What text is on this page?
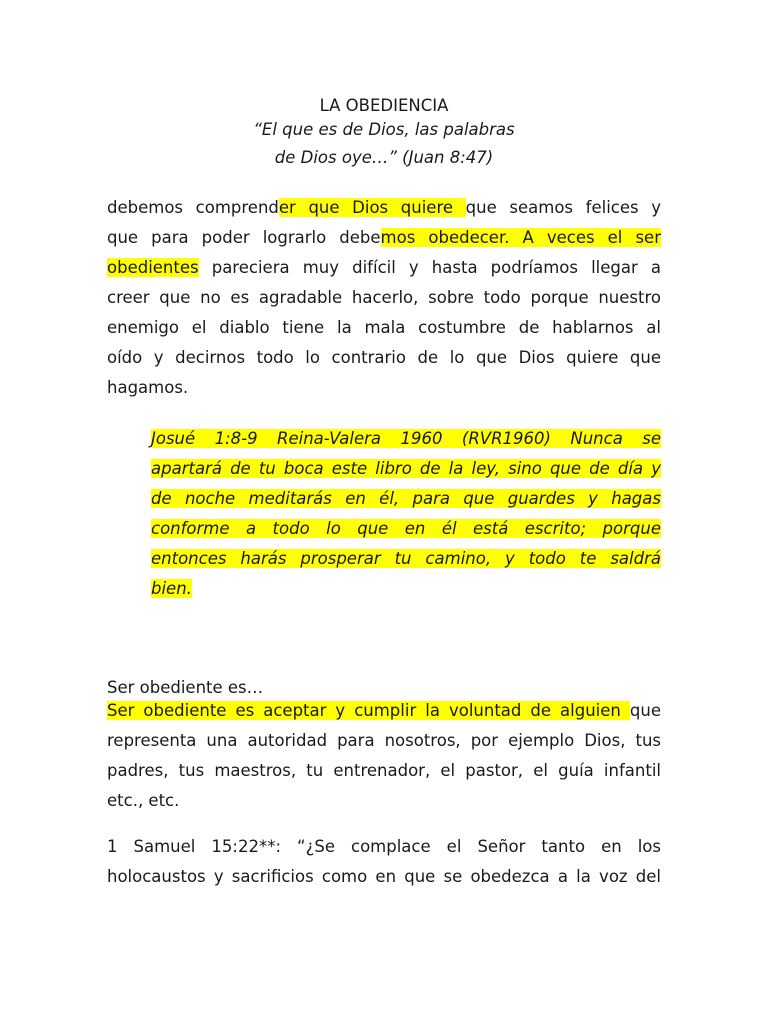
LA OBEDIENCIA
“El que es de Dios, las palabras
de Dios oye…” (Juan 8:47)
debemos comprender que Dios quiere que seamos felices y
que para poder lograrlo debemos obedecer. A veces el ser
obedientes pareciera muy difícil y hasta podríamos llegar a
creer que no es agradable hacerlo, sobre todo porque nuestro
enemigo el diablo tiene la mala costumbre de hablarnos al
oído y decirnos todo lo contrario de lo que Dios quiere que
hagamos.
Josué 1:8-9 Reina-Valera 1960 (RVR1960) Nunca se
apartará de tu boca este libro de la ley, sino que de día y
de noche meditarás en él, para que guardes y hagas
conforme a todo lo que en él está escrito; porque
entonces harás prosperar tu camino, y todo te saldrá
bien.
Ser obediente es…
Ser obediente es aceptar y cumplir la voluntad de alguien que
representa una autoridad para nosotros, por ejemplo Dios, tus
padres, tus maestros, tu entrenador, el pastor, el guía infantil
etc., etc.
1 Samuel 15:22**: “¿Se complace el Señor tanto en los
holocaustos y sacrificios como en que se obedezca a la voz del
